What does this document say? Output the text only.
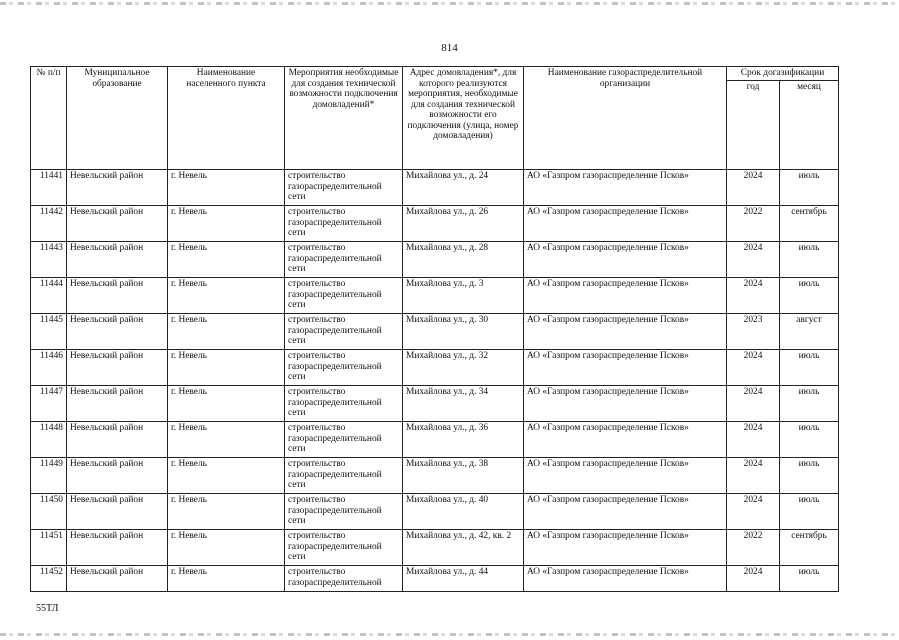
814
№ п/п	Муниципальное образование	Наименование населенного пункта	Мероприятия необходимые для создания технической возможности подключения домовладений*	Адрес домовладения*, для которого реализуются мероприятия, необходимые для создания технической возможности его подключения (улица, номер домовладения)	Наименование газораспределительной организации	Срок догазификации	
						год	месяц
11441	Невельский район	г. Невель	строительство газораспределительной сети	Михайлова ул., д. 24	АО «Газпром газораспределение Псков»	2024	июль
11442	Невельский район	г. Невель	строительство газораспределительной сети	Михайлова ул., д. 26	АО «Газпром газораспределение Псков»	2022	сентябрь
11443	Невельский район	г. Невель	строительство газораспределительной сети	Михайлова ул., д. 28	АО «Газпром газораспределение Псков»	2024	июль
11444	Невельский район	г. Невель	строительство газораспределительной сети	Михайлова ул., д. 3	АО «Газпром газораспределение Псков»	2024	июль
11445	Невельский район	г. Невель	строительство газораспределительной сети	Михайлова ул., д. 30	АО «Газпром газораспределение Псков»	2023	август
11446	Невельский район	г. Невель	строительство газораспределительной сети	Михайлова ул., д. 32	АО «Газпром газораспределение Псков»	2024	июль
11447	Невельский район	г. Невель	строительство газораспределительной сети	Михайлова ул., д. 34	АО «Газпром газораспределение Псков»	2024	июль
11448	Невельский район	г. Невель	строительство газораспределительной сети	Михайлова ул., д. 36	АО «Газпром газораспределение Псков»	2024	июль
11449	Невельский район	г. Невель	строительство газораспределительной сети	Михайлова ул., д. 38	АО «Газпром газораспределение Псков»	2024	июль
11450	Невельский район	г. Невель	строительство газораспределительной сети	Михайлова ул., д. 40	АО «Газпром газораспределение Псков»	2024	июль
11451	Невельский район	г. Невель	строительство газораспределительной сети	Михайлова ул., д. 42, кв. 2	АО «Газпром газораспределение Псков»	2022	сентябрь
11452	Невельский район	г. Невель	строительство газораспределительной	Михайлова ул., д. 44	АО «Газпром газораспределение Псков»	2024	июль
55ТЛ
